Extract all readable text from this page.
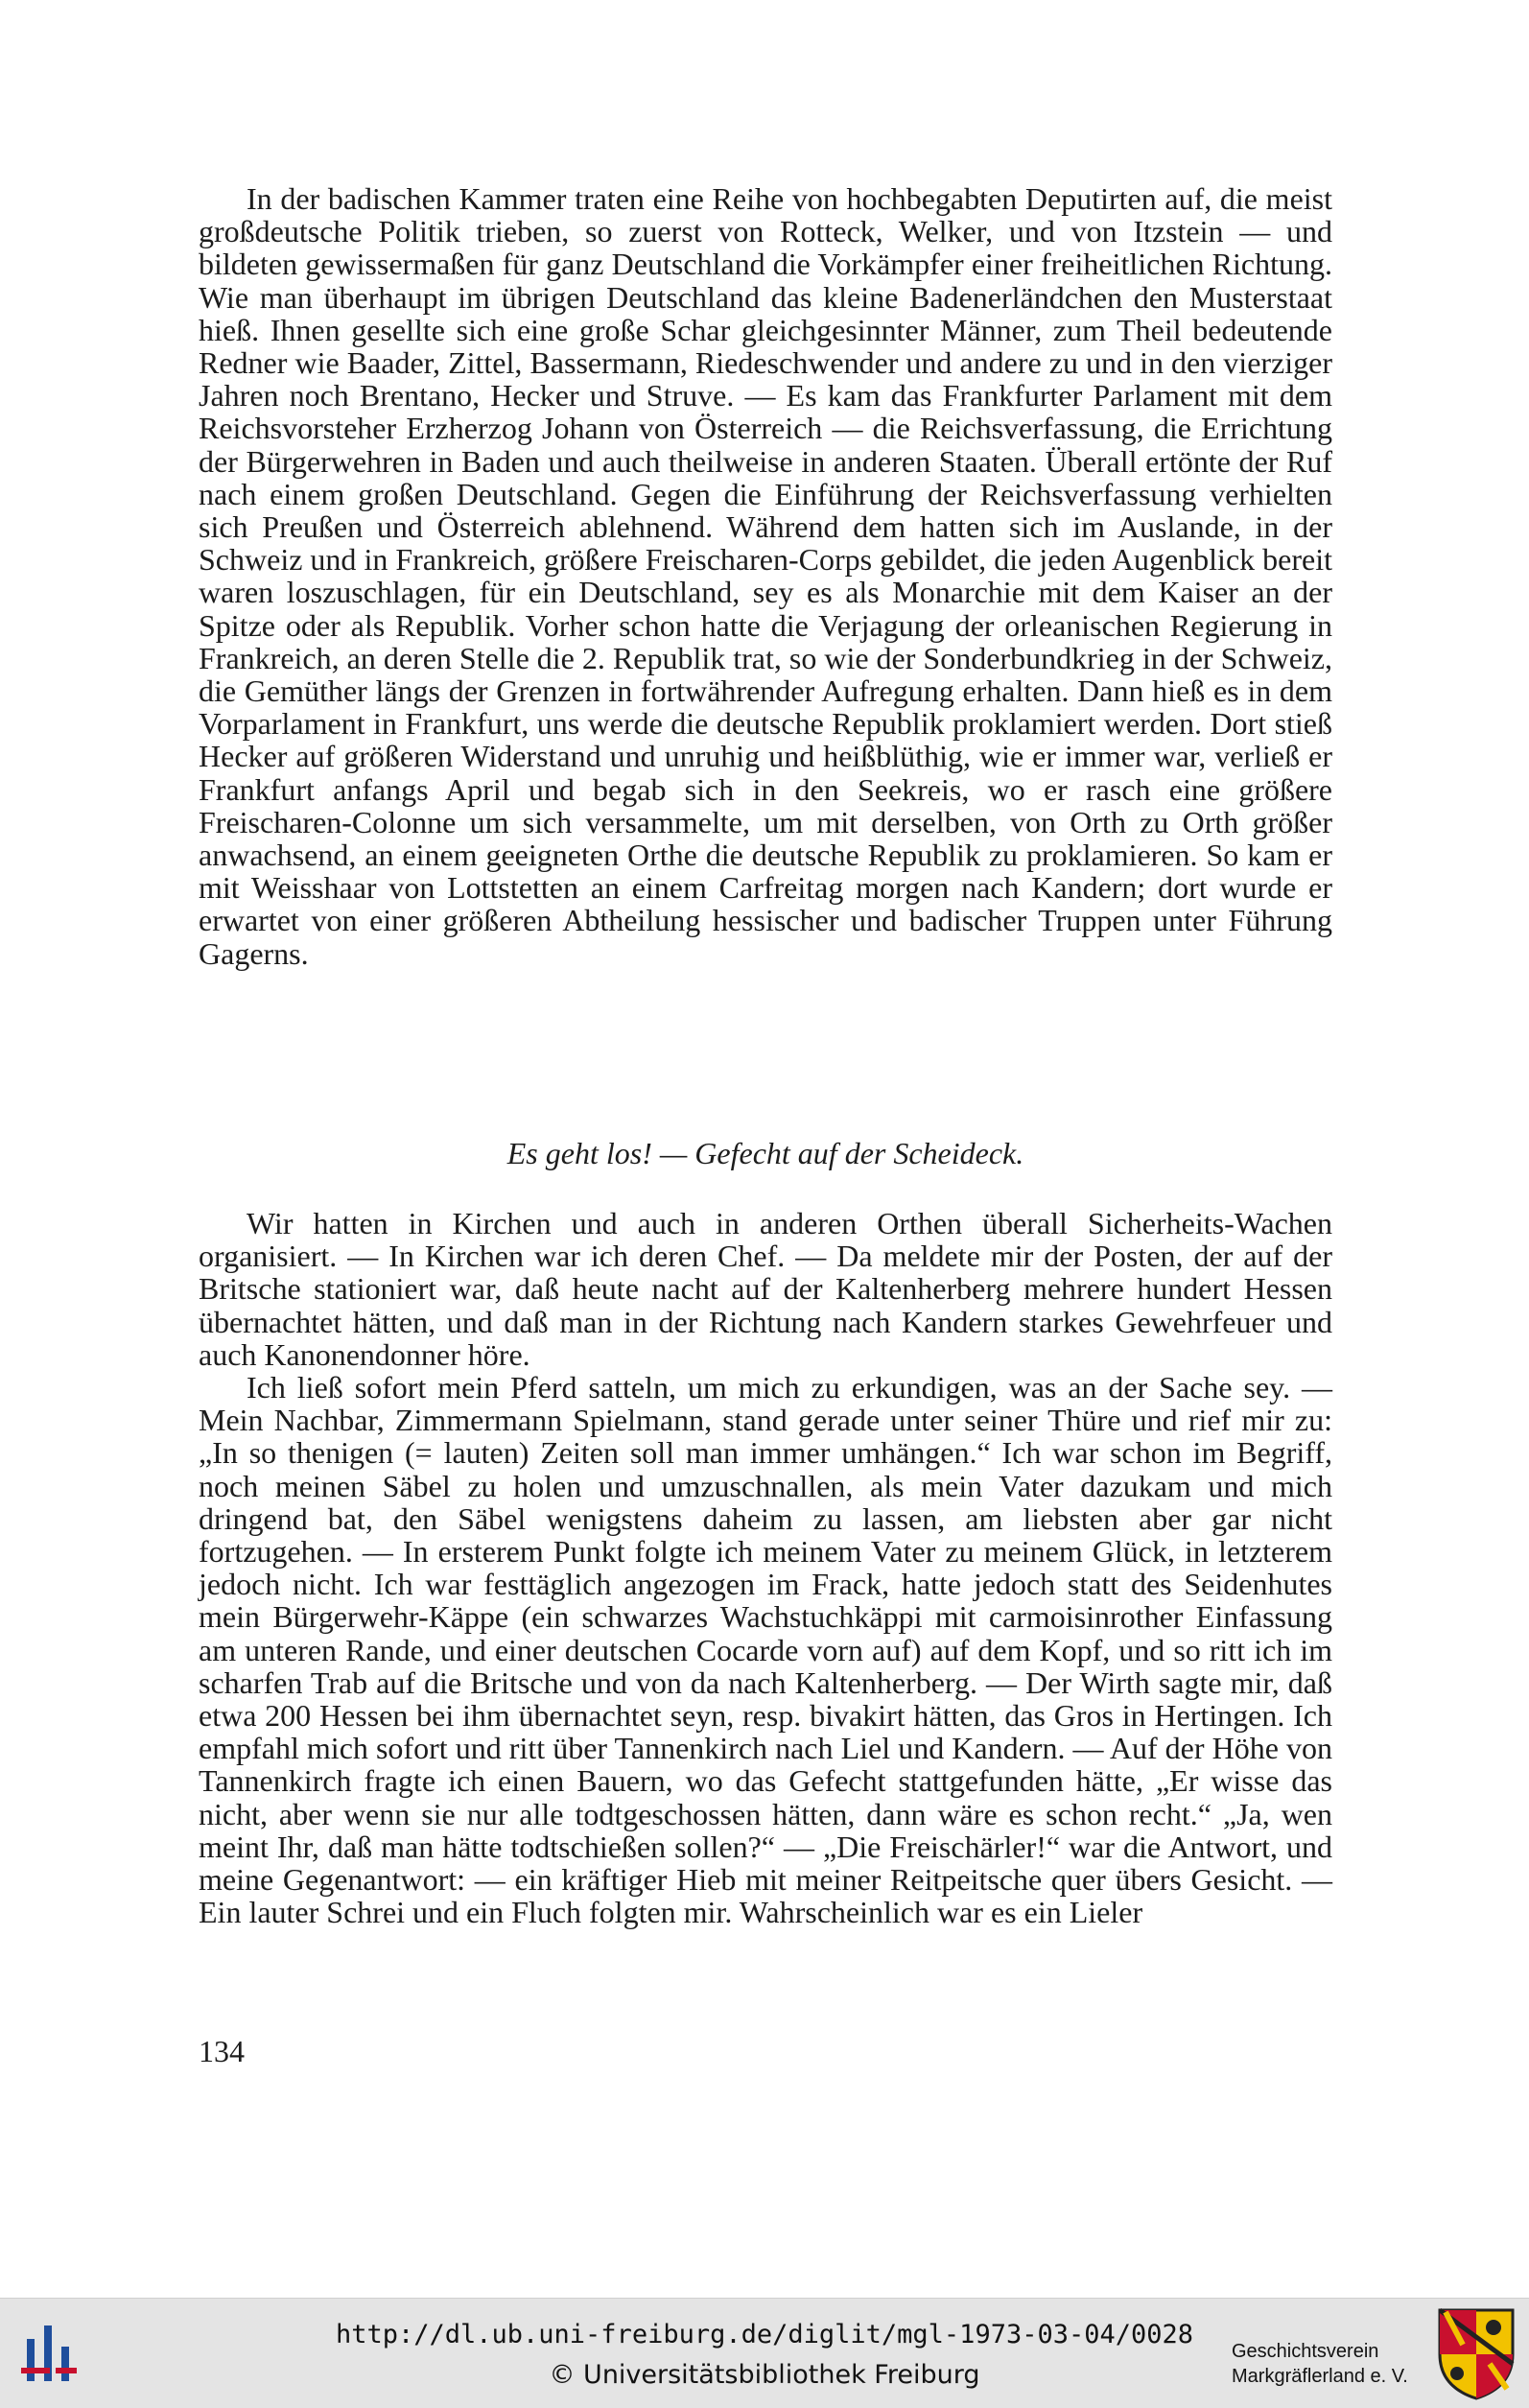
In der badischen Kammer traten eine Reihe von hochbegabten Deputirten auf, die meist großdeutsche Politik trieben, so zuerst von Rotteck, Welker, und von Itzstein — und bildeten gewissermaßen für ganz Deutschland die Vorkämpfer einer freiheitlichen Richtung. Wie man überhaupt im übrigen Deutschland das kleine Badenerländchen den Musterstaat hieß. Ihnen gesellte sich eine große Schar gleichgesinnter Männer, zum Theil bedeutende Redner wie Baader, Zittel, Bassermann, Riedeschwender und andere zu und in den vierziger Jahren noch Brentano, Hecker und Struve. — Es kam das Frankfurter Parlament mit dem Reichsvorsteher Erzherzog Johann von Österreich — die Reichsverfassung, die Errichtung der Bürgerwehren in Baden und auch theilweise in anderen Staaten. Überall ertönte der Ruf nach einem großen Deutschland. Gegen die Einführung der Reichsverfassung verhielten sich Preußen und Österreich ablehnend. Während dem hatten sich im Auslande, in der Schweiz und in Frankreich, größere Freischaren-Corps gebildet, die jeden Augenblick bereit waren loszuschlagen, für ein Deutschland, sey es als Monarchie mit dem Kaiser an der Spitze oder als Republik. Vorher schon hatte die Verjagung der orleanischen Regierung in Frankreich, an deren Stelle die 2. Republik trat, so wie der Sonderbundkrieg in der Schweiz, die Gemüther längs der Grenzen in fortwährender Aufregung erhalten. Dann hieß es in dem Vorparlament in Frankfurt, uns werde die deutsche Republik proklamiert werden. Dort stieß Hecker auf größeren Widerstand und unruhig und heißblüthig, wie er immer war, verließ er Frankfurt anfangs April und begab sich in den Seekreis, wo er rasch eine größere Freischaren-Colonne um sich versammelte, um mit derselben, von Orth zu Orth größer anwachsend, an einem geeigneten Orthe die deutsche Republik zu proklamieren. So kam er mit Weisshaar von Lottstetten an einem Carfreitag morgen nach Kandern; dort wurde er erwartet von einer größeren Abtheilung hessischer und badischer Truppen unter Führung Gagerns.

Es geht los! — Gefecht auf der Scheideck.

Wir hatten in Kirchen und auch in anderen Orthen überall Sicherheits-Wachen organisiert. — In Kirchen war ich deren Chef. — Da meldete mir der Posten, der auf der Britsche stationiert war, daß heute nacht auf der Kaltenherberg mehrere hundert Hessen übernachtet hätten, und daß man in der Richtung nach Kandern starkes Gewehrfeuer und auch Kanonendonner höre.

Ich ließ sofort mein Pferd satteln, um mich zu erkundigen, was an der Sache sey. — Mein Nachbar, Zimmermann Spielmann, stand gerade unter seiner Thüre und rief mir zu: „In so thenigen (= lauten) Zeiten soll man immer umhängen.“ Ich war schon im Begriff, noch meinen Säbel zu holen und umzuschnallen, als mein Vater dazukam und mich dringend bat, den Säbel wenigstens daheim zu lassen, am liebsten aber gar nicht fortzugehen. — In ersterem Punkt folgte ich meinem Vater zu meinem Glück, in letzterem jedoch nicht. Ich war festtäglich angezogen im Frack, hatte jedoch statt des Seidenhutes mein Bürgerwehr-Käppe (ein schwarzes Wachstuchkäppi mit carmoisinrother Einfassung am unteren Rande, und einer deutschen Cocarde vorn auf) auf dem Kopf, und so ritt ich im scharfen Trab auf die Britsche und von da nach Kaltenherberg. — Der Wirth sagte mir, daß etwa 200 Hessen bei ihm übernachtet seyn, resp. bivakirt hätten, das Gros in Hertingen. Ich empfahl mich sofort und ritt über Tannenkirch nach Liel und Kandern. — Auf der Höhe von Tannenkirch fragte ich einen Bauern, wo das Gefecht stattgefunden hätte, „Er wisse das nicht, aber wenn sie nur alle todtgeschossen hätten, dann wäre es schon recht.“ „Ja, wen meint Ihr, daß man hätte todtschießen sollen?“ — „Die Freischärler!“ war die Antwort, und meine Gegenantwort: — ein kräftiger Hieb mit meiner Reitpeitsche quer übers Gesicht. — Ein lauter Schrei und ein Fluch folgten mir. Wahrscheinlich war es ein Lieler

134
http://dl.ub.uni-freiburg.de/diglit/mgl-1973-03-04/0028
© Universitätsbibliothek Freiburg
Geschichtsverein
Markgräflerland e. V.
